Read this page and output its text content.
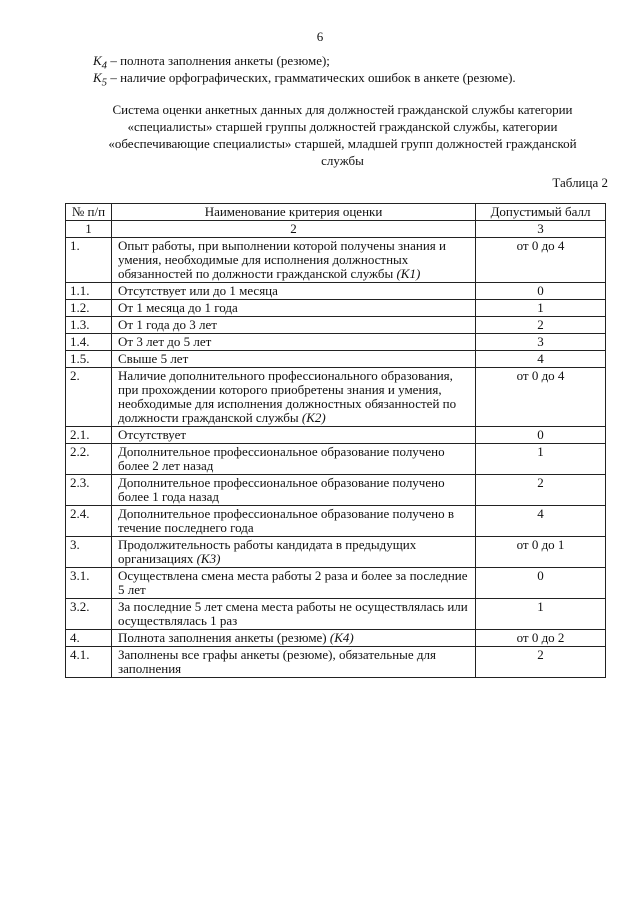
6
$K_4$ – полнота заполнения анкеты (резюме);
$K_5$ – наличие орфографических, грамматических ошибок в анкете (резюме).
Система оценки анкетных данных для должностей гражданской службы категории
«специалисты» старшей группы должностей гражданской службы, категории
«обеспечивающие специалисты» старшей, младшей групп должностей гражданской
службы
Таблица 2
№ п/п	Наименование критерия оценки	Допустимый балл
1	2	3
1.	Опыт работы, при выполнении которой получены знания и умения, необходимые для исполнения должностных обязанностей по должности гражданской службы (K1)	от 0 до 4
1.1.	Отсутствует или до 1 месяца	0
1.2.	От 1 месяца до 1 года	1
1.3.	От 1 года до 3 лет	2
1.4.	От 3 лет до 5 лет	3
1.5.	Свыше 5 лет	4
2.	Наличие дополнительного профессионального образования, при прохождении которого приобретены знания и умения, необходимые для исполнения должностных обязанностей по должности гражданской службы (K2)	от 0 до 4
2.1.	Отсутствует	0
2.2.	Дополнительное профессиональное образование получено более 2 лет назад	1
2.3.	Дополнительное профессиональное образование получено более 1 года назад	2
2.4.	Дополнительное профессиональное образование получено в течение последнего года	4
3.	Продолжительность работы кандидата в предыдущих организациях (K3)	от 0 до 1
3.1.	Осуществлена смена места работы 2 раза и более за последние 5 лет	0
3.2.	За последние 5 лет смена места работы не осуществлялась или осуществлялась 1 раз	1
4.	Полнота заполнения анкеты (резюме) (K4)	от 0 до 2
4.1.	Заполнены все графы анкеты (резюме), обязательные для заполнения	2
